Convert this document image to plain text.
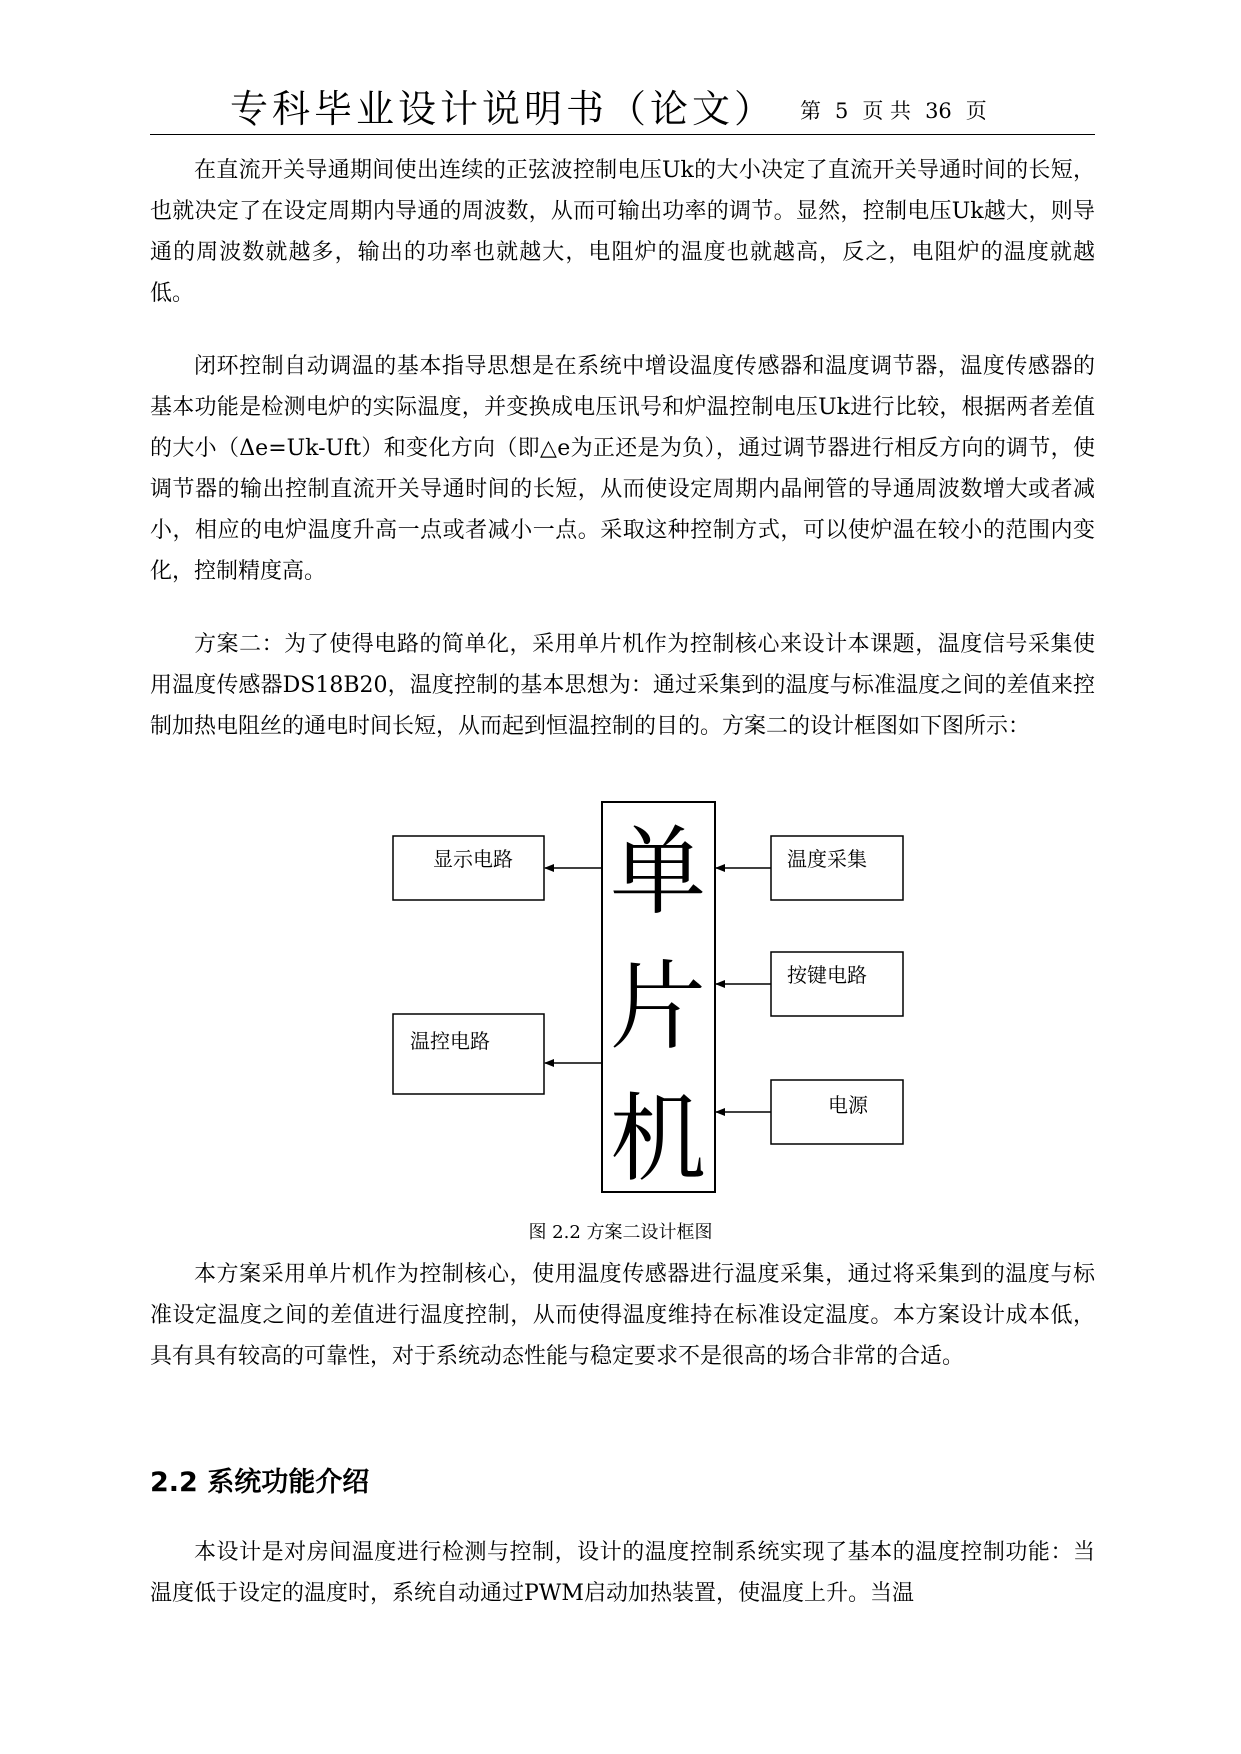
专科毕业设计说明书（论文） 第 5 页 共 36 页

在直流开关导通期间使出连续的正弦波控制电压Uk的大小决定了直流开关导通时间的长短，也就决定了在设定周期内导通的周波数，从而可输出功率的调节。显然，控制电压Uk越大，则导通的周波数就越多，输出的功率也就越大，电阻炉的温度也就越高，反之，电阻炉的温度就越低。

闭环控制自动调温的基本指导思想是在系统中增设温度传感器和温度调节器，温度传感器的基本功能是检测电炉的实际温度，并变换成电压讯号和炉温控制电压Uk进行比较，根据两者差值的大小（Δe=Uk-Uft）和变化方向（即△e为正还是为负），通过调节器进行相反方向的调节，使调节器的输出控制直流开关导通时间的长短，从而使设定周期内晶闸管的导通周波数增大或者减小，相应的电炉温度升高一点或者减小一点。采取这种控制方式，可以使炉温在较小的范围内变化，控制精度高。

方案二：为了使得电路的简单化，采用单片机作为控制核心来设计本课题，温度信号采集使用温度传感器DS18B20，温度控制的基本思想为：通过采集到的温度与标准温度之间的差值来控制加热电阻丝的通电时间长短，从而起到恒温控制的目的。方案二的设计框图如下图所示：

单
片
机
显示电路
温控电路
温度采集
按键电路
电源
图 2.2 方案二设计框图

本方案采用单片机作为控制核心，使用温度传感器进行温度采集，通过将采集到的温度与标准设定温度之间的差值进行温度控制，从而使得温度维持在标准设定温度。本方案设计成本低，具有具有较高的可靠性，对于系统动态性能与稳定要求不是很高的场合非常的合适。

2.2 系统功能介绍

本设计是对房间温度进行检测与控制，设计的温度控制系统实现了基本的温度控制功能：当温度低于设定的温度时，系统自动通过PWM启动加热装置，使温度上升。当温
